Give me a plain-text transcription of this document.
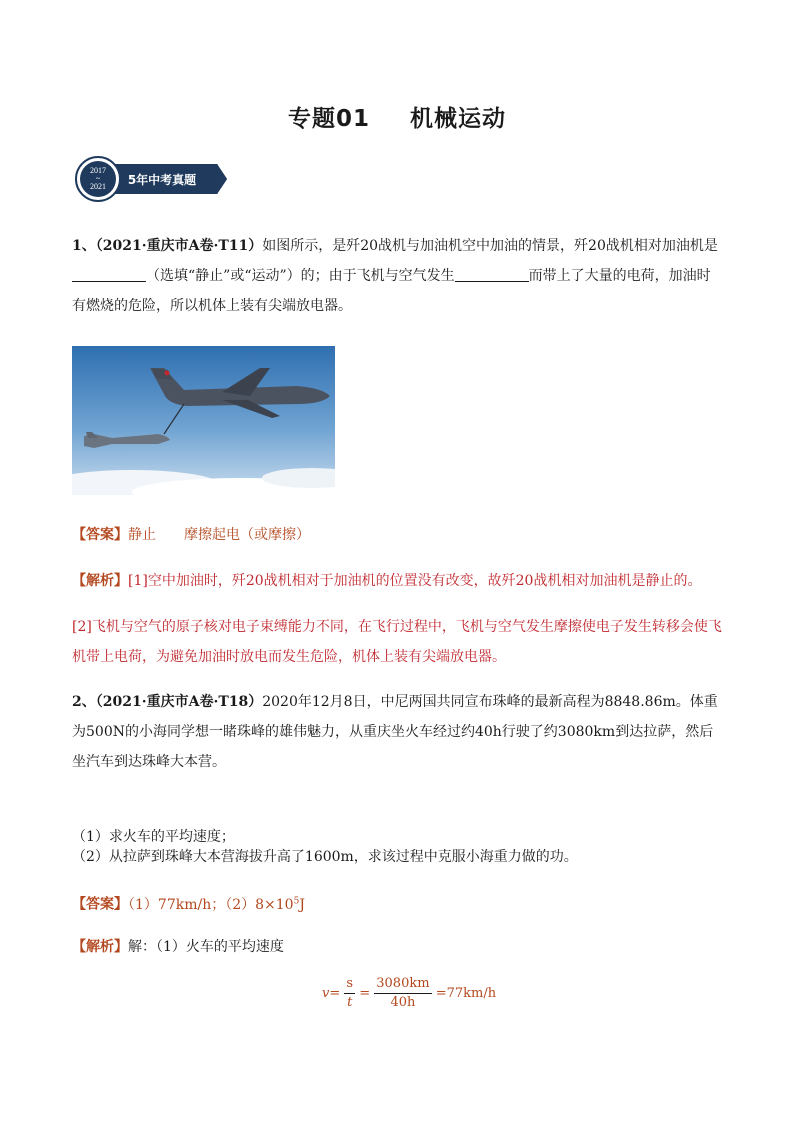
专题01 机械运动
2017
~
2021 5年中考真题

1、（2021·重庆市A卷·T11）如图所示，是歼20战机与加油机空中加油的情景，歼20战机相对加油机是
（选填“静止”或“运动”）的；由于飞机与空气发生	而带上了大量的电荷，加油时有燃烧的危险，所以机体上装有尖端放电器。

【答案】静止　　摩擦起电（或摩擦）

【解析】[1]空中加油时，歼20战机相对于加油机的位置没有改变，故歼20战机相对加油机是静止的。

[2]飞机与空气的原子核对电子束缚能力不同，在飞行过程中，飞机与空气发生摩擦使电子发生转移会使飞机带上电荷，为避免加油时放电而发生危险，机体上装有尖端放电器。

2、（2021·重庆市A卷·T18）2020年12月8日，中尼两国共同宣布珠峰的最新高程为8848.86m。体重为500N的小海同学想一睹珠峰的雄伟魅力，从重庆坐火车经过约40h行驶了约3080km到达拉萨，然后坐汽车到达珠峰大本营。

（1）求火车的平均速度；

（2）从拉萨到珠峰大本营海拔升高了1600m，求该过程中克服小海重力做的功。

【答案】（1）77km/h；$(2)8\times 10^5J$

【解析】解：（1）火车的平均速度

$v= \frac{s}{t} = \frac{3080km}{40h} =77km/h$
